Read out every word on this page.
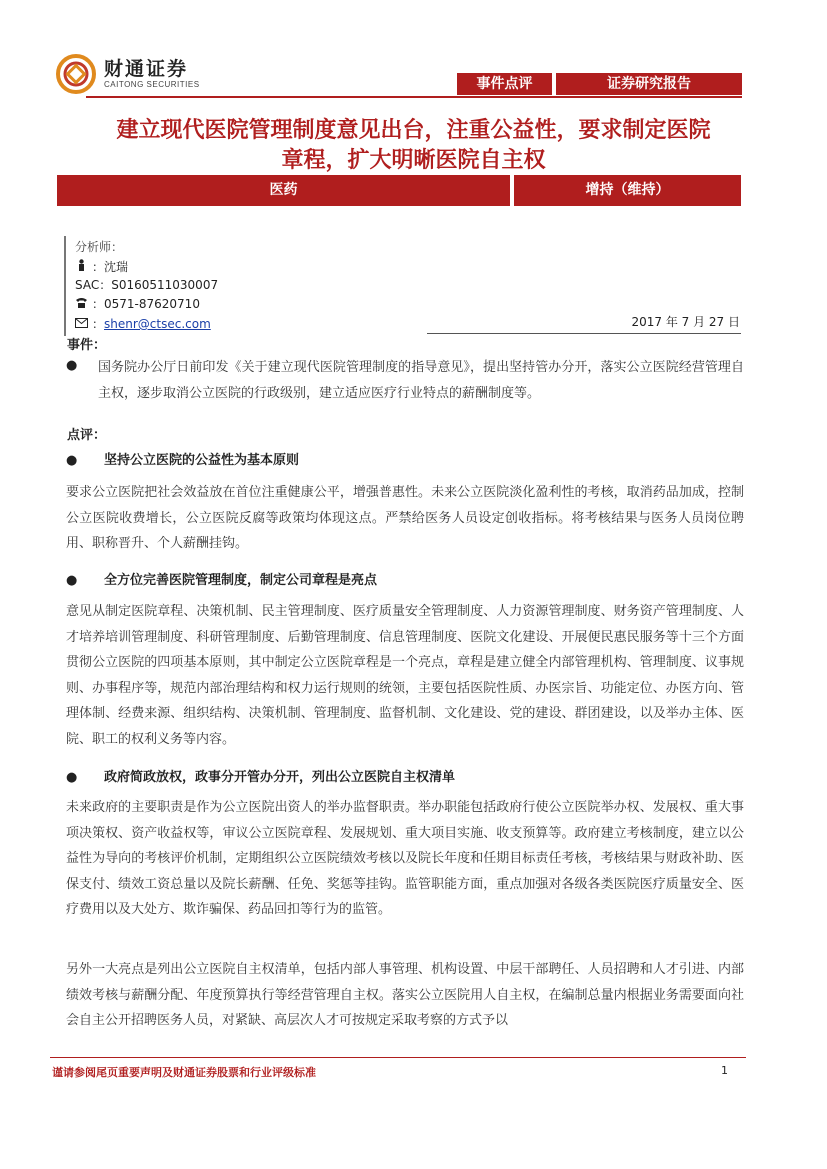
财通证券
CAITONG SECURITIES	事件点评	证券研究报告
建立现代医院管理制度意见出台，注重公益性，要求制定医院
章程，扩大明晰医院自主权
医药	增持（维持）
分析师：
：沈瑞
SAC：S0160511030007
：0571-87620710
：shenr@ctsec.com	2017 年 7 月 27 日
事件：
● 国务院办公厅日前印发《关于建立现代医院管理制度的指导意见》，提出坚持管办分开，落实公立医院经营管理自主权，逐步取消公立医院的行政级别，建立适应医疗行业特点的薪酬制度等。
点评：
● 坚持公立医院的公益性为基本原则
要求公立医院把社会效益放在首位注重健康公平，增强普惠性。未来公立医院淡化盈利性的考核，取消药品加成，控制公立医院收费增长，公立医院反腐等政策均体现这点。严禁给医务人员设定创收指标。将考核结果与医务人员岗位聘用、职称晋升、个人薪酬挂钩。
● 全方位完善医院管理制度，制定公司章程是亮点
意见从制定医院章程、决策机制、民主管理制度、医疗质量安全管理制度、人力资源管理制度、财务资产管理制度、人才培养培训管理制度、科研管理制度、后勤管理制度、信息管理制度、医院文化建设、开展便民惠民服务等十三个方面贯彻公立医院的四项基本原则，其中制定公立医院章程是一个亮点，章程是建立健全内部管理机构、管理制度、议事规则、办事程序等，规范内部治理结构和权力运行规则的统领，主要包括医院性质、办医宗旨、功能定位、办医方向、管理体制、经费来源、组织结构、决策机制、管理制度、监督机制、文化建设、党的建设、群团建设，以及举办主体、医院、职工的权利义务等内容。
● 政府简政放权，政事分开管办分开，列出公立医院自主权清单
未来政府的主要职责是作为公立医院出资人的举办监督职责。举办职能包括政府行使公立医院举办权、发展权、重大事项决策权、资产收益权等，审议公立医院章程、发展规划、重大项目实施、收支预算等。政府建立考核制度，建立以公益性为导向的考核评价机制，定期组织公立医院绩效考核以及院长年度和任期目标责任考核，考核结果与财政补助、医保支付、绩效工资总量以及院长薪酬、任免、奖惩等挂钩。监管职能方面，重点加强对各级各类医院医疗质量安全、医疗费用以及大处方、欺诈骗保、药品回扣等行为的监管。
另外一大亮点是列出公立医院自主权清单，包括内部人事管理、机构设置、中层干部聘任、人员招聘和人才引进、内部绩效考核与薪酬分配、年度预算执行等经营管理自主权。落实公立医院用人自主权，在编制总量内根据业务需要面向社会自主公开招聘医务人员，对紧缺、高层次人才可按规定采取考察的方式予以
谨请参阅尾页重要声明及财通证券股票和行业评级标准	1
